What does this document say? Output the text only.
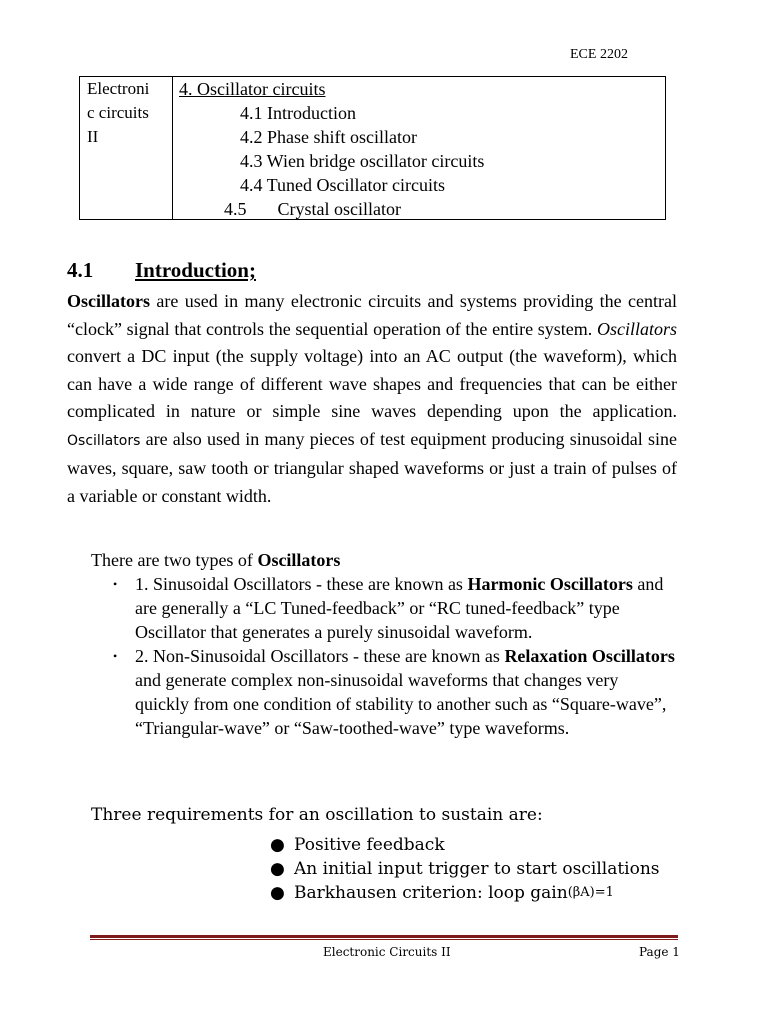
ECE 2202
Electroni
c circuits
II
4. Oscillator circuits
4.1 Introduction
4.2 Phase shift oscillator
4.3 Wien bridge oscillator circuits
4.4 Tuned Oscillator circuits
4.5 Crystal oscillator
4.1 Introduction;
Oscillators are used in many electronic circuits and systems providing the central “clock” signal that controls the sequential operation of the entire system. Oscillators convert a DC input (the supply voltage) into an AC output (the waveform), which can have a wide range of different wave shapes and frequencies that can be either complicated in nature or simple sine waves depending upon the application. Oscillators are also used in many pieces of test equipment producing sinusoidal sine waves, square, saw tooth or triangular shaped waveforms or just a train of pulses of a variable or constant width.
There are two types of Oscillators
• 1. Sinusoidal Oscillators - these are known as Harmonic Oscillators and are generally a “LC Tuned-feedback” or “RC tuned-feedback” type Oscillator that generates a purely sinusoidal waveform.
• 2. Non-Sinusoidal Oscillators - these are known as Relaxation Oscillators and generate complex non-sinusoidal waveforms that changes very quickly from one condition of stability to another such as “Square-wave”, “Triangular-wave” or “Saw-toothed-wave” type waveforms.
Three requirements for an oscillation to sustain are:
● Positive feedback
● An initial input trigger to start oscillations
● Barkhausen criterion: loop gain(βA)=1
Electronic Circuits II	Page 1
